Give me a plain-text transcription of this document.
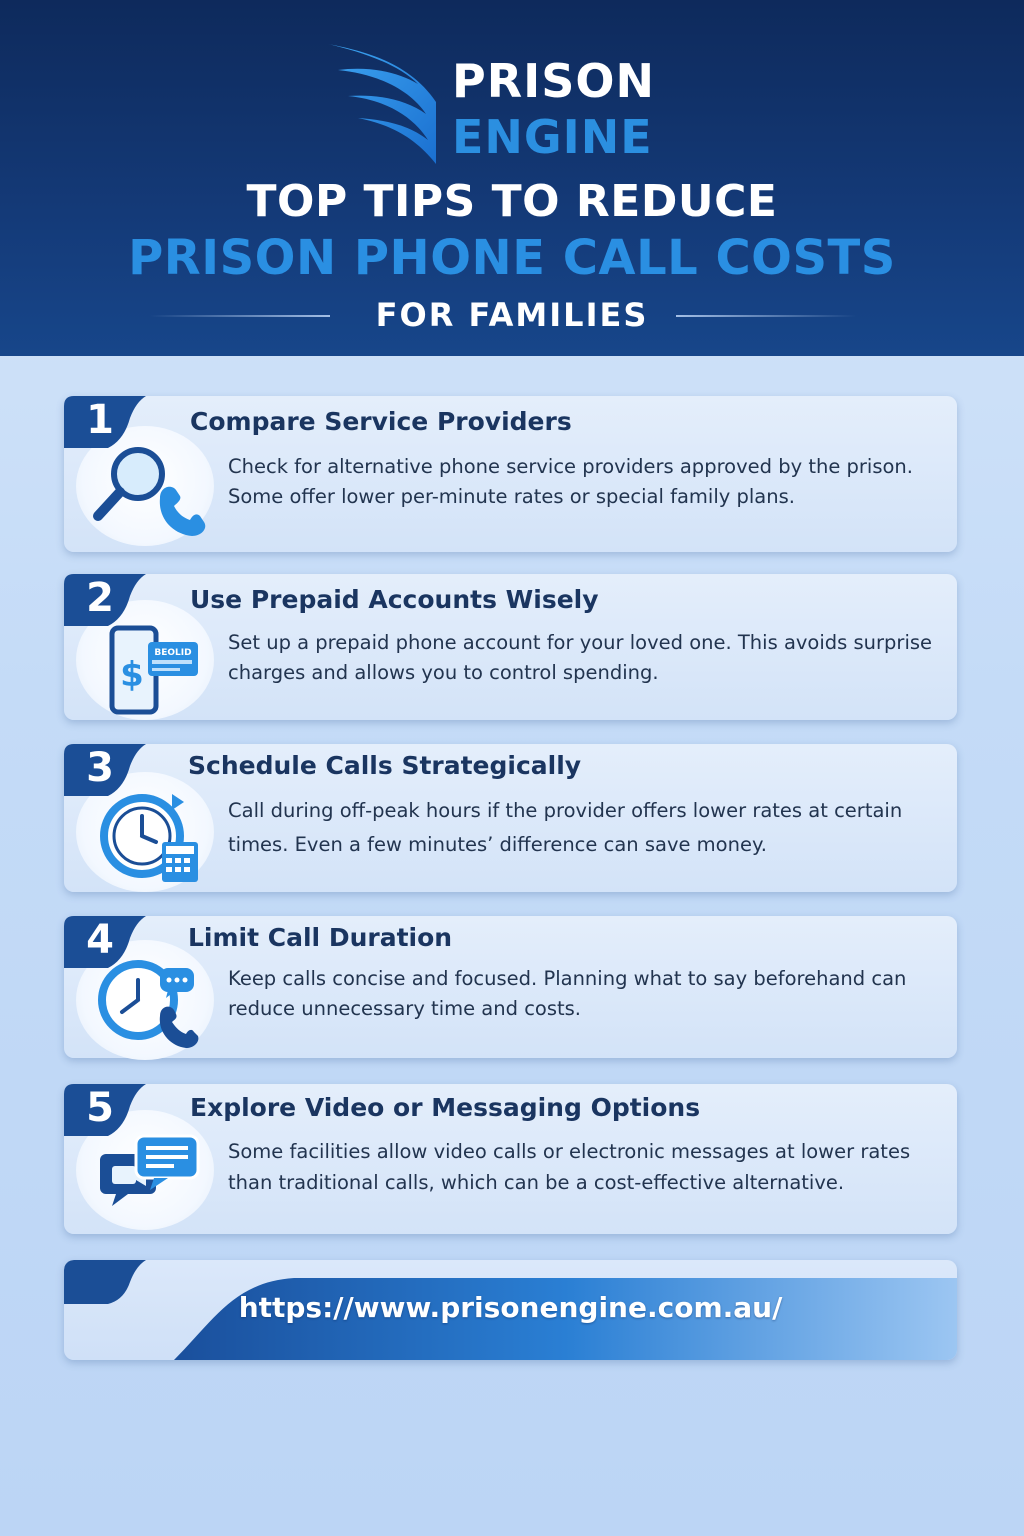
PRISON
ENGINE
TOP TIPS TO REDUCE
PRISON PHONE CALL COSTS
FOR FAMILIES
1	Compare Service Providers
Check for alternative phone service providers approved by the prison. Some offer lower per-minute rates or special family plans.
$
BEOLID
2	Use Prepaid Accounts Wisely
Set up a prepaid phone account for your loved one. This avoids surprise charges and allows you to control spending.
3	Schedule Calls Strategically
Call during off-peak hours if the provider offers lower rates at certain times. Even a few minutes’ difference can save money.
4	Limit Call Duration
Keep calls concise and focused. Planning what to say beforehand can reduce unnecessary time and costs.
5	Explore Video or Messaging Options
Some facilities allow video calls or electronic messages at lower rates than traditional calls, which can be a cost-effective alternative.
https://www.prisonengine.com.au/
